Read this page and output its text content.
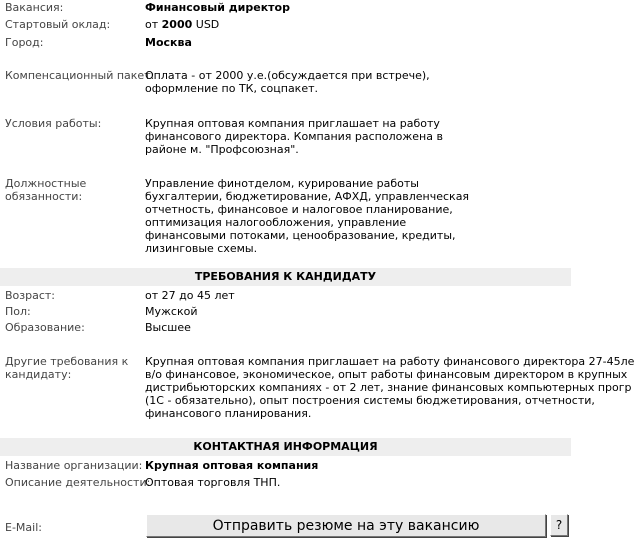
Вакансия:	Финансовый директор
Стартовый оклад:	от 2000 USD
Город:	Москва
Компенсационный пакет:
Оплата - от 2000 у.е.(обсуждается при встрече),
оформление по ТК, соцпакет.
Условия работы:	Крупная оптовая компания приглашает на работу
финансового директора. Компания расположена в
районе м. "Профсоюзная".
Должностные
обязанности:
Управление финотделом, курирование работы
бухгалтерии, бюджетирование, АФХД, управленческая
отчетность, финансовое и налоговое планирование,
оптимизация налогообложения, управление
финансовыми потоками, ценообразование, кредиты,
лизинговые схемы.
ТРЕБОВАНИЯ К КАНДИДАТУ
Возраст:	от 27 до 45 лет
Пол:	Мужской
Образование:	Высшее
Другие требования к
кандидату:
Крупная оптовая компания приглашает на работу финансового директора 27-45ле
в/о финансовое, экономическое, опыт работы финансовым директором в крупных
дистрибьюторских компаниях - от 2 лет, знание финансовых компьютерных прогр
(1С - обязательно), опыт построения системы бюджетирования, отчетности,
финансового планирования.
КОНТАКТНАЯ ИНФОРМАЦИЯ
Название организации: Крупная оптовая компания
Описание деятельности:
Оптовая торговля ТНП.
E-Mail:	Отправить резюме на эту вакансию	?
